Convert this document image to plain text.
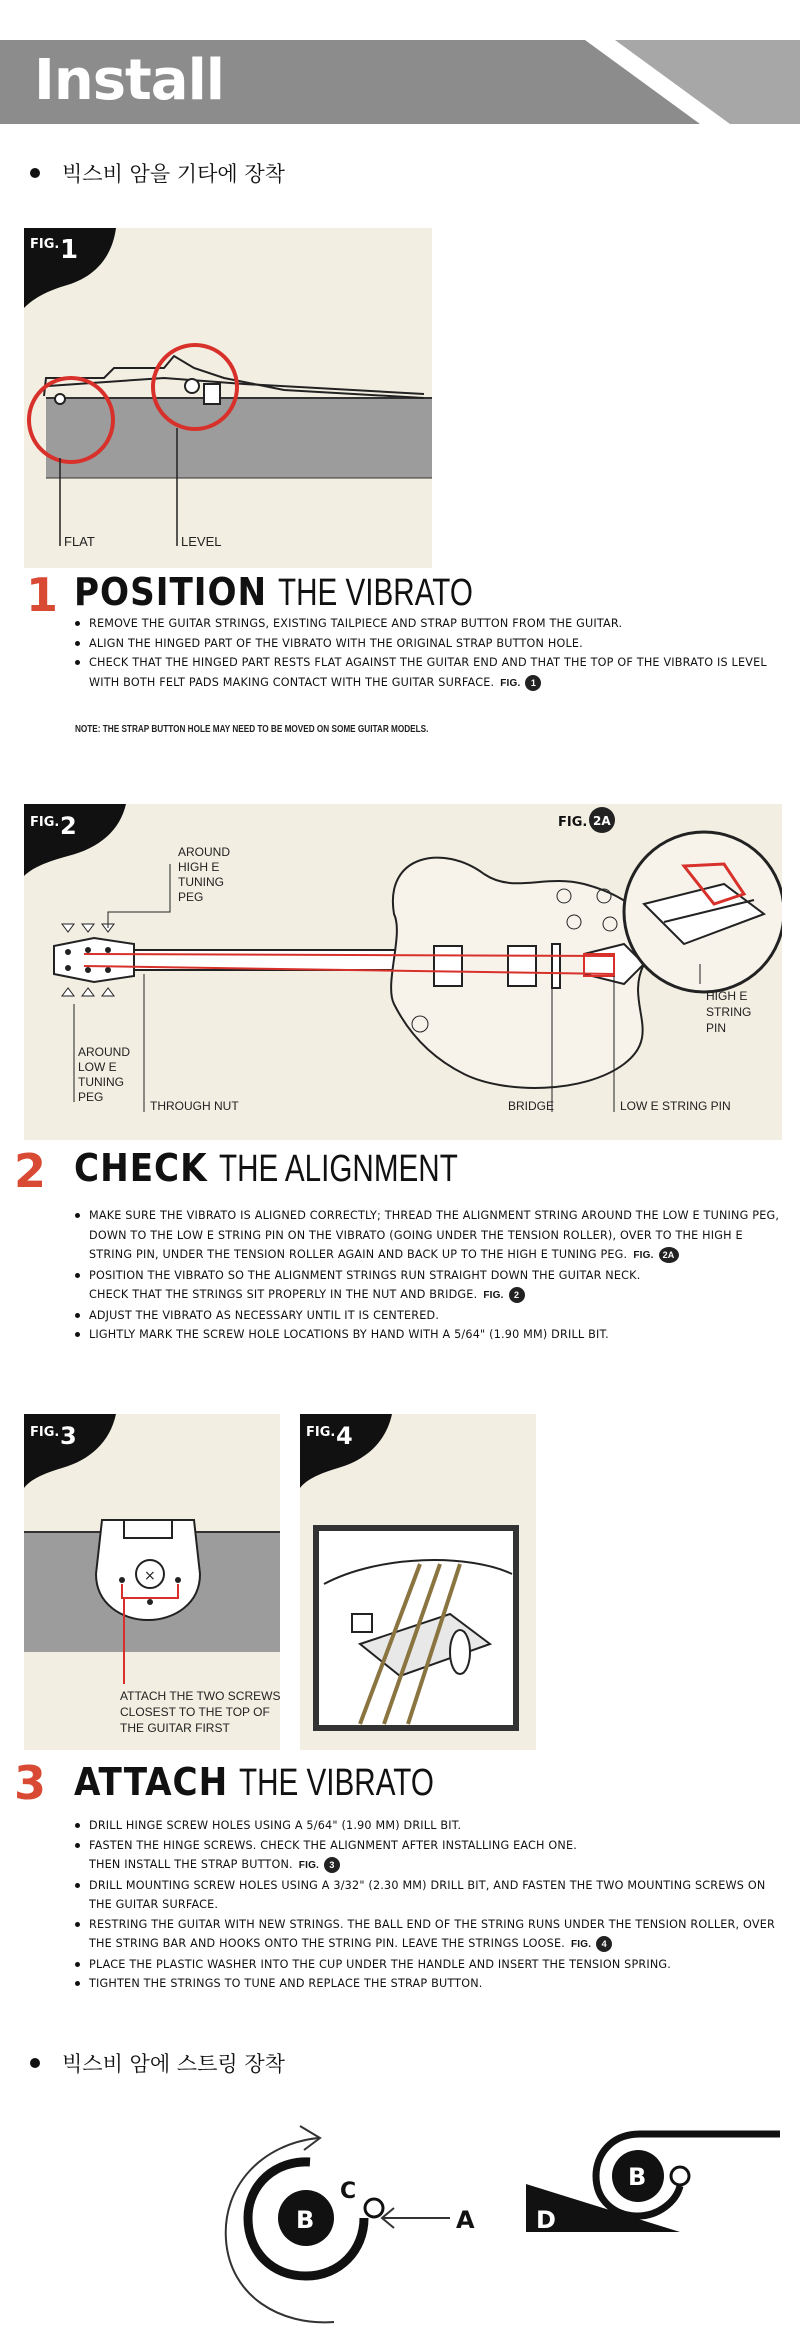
Install
빅스비 암을 기타에 장착
FIG. 1
FLAT	LEVEL
1 POSITION THE VIBRATO
REMOVE THE GUITAR STRINGS, EXISTING TAILPIECE AND STRAP BUTTON FROM THE GUITAR.
ALIGN THE HINGED PART OF THE VIBRATO WITH THE ORIGINAL STRAP BUTTON HOLE.
CHECK THAT THE HINGED PART RESTS FLAT AGAINST THE GUITAR END AND THAT THE TOP OF THE VIBRATO IS LEVEL WITH BOTH FELT PADS MAKING CONTACT WITH THE GUITAR SURFACE. FIG. 1
NOTE: THE STRAP BUTTON HOLE MAY NEED TO BE MOVED ON SOME GUITAR MODELS.
FIG. 2	FIG. 2A
AROUND
HIGH E
TUNING
PEG
AROUND
LOW E
TUNING
PEG
THROUGH NUT	BRIDGE	LOW E STRING PIN
HIGH E
STRING
PIN
2 CHECK THE ALIGNMENT
MAKE SURE THE VIBRATO IS ALIGNED CORRECTLY; THREAD THE ALIGNMENT STRING AROUND THE LOW E TUNING PEG, DOWN TO THE LOW E STRING PIN ON THE VIBRATO (GOING UNDER THE TENSION ROLLER), OVER TO THE HIGH E STRING PIN, UNDER THE TENSION ROLLER AGAIN AND BACK UP TO THE HIGH E TUNING PEG. FIG. 2A
POSITION THE VIBRATO SO THE ALIGNMENT STRINGS RUN STRAIGHT DOWN THE GUITAR NECK.
CHECK THAT THE STRINGS SIT PROPERLY IN THE NUT AND BRIDGE. FIG. 2
ADJUST THE VIBRATO AS NECESSARY UNTIL IT IS CENTERED.
LIGHTLY MARK THE SCREW HOLE LOCATIONS BY HAND WITH A 5/64" (1.90 MM) DRILL BIT.
FIG. 3
×
ATTACH THE TWO SCREWS
CLOSEST TO THE TOP OF
THE GUITAR FIRST
FIG. 4
3 ATTACH THE VIBRATO
DRILL HINGE SCREW HOLES USING A 5/64" (1.90 MM) DRILL BIT.
FASTEN THE HINGE SCREWS. CHECK THE ALIGNMENT AFTER INSTALLING EACH ONE.
THEN INSTALL THE STRAP BUTTON. FIG. 3
DRILL MOUNTING SCREW HOLES USING A 3/32" (2.30 MM) DRILL BIT, AND FASTEN THE TWO MOUNTING SCREWS ON THE GUITAR SURFACE.
RESTRING THE GUITAR WITH NEW STRINGS. THE BALL END OF THE STRING RUNS UNDER THE TENSION ROLLER, OVER THE STRING BAR AND HOOKS ONTO THE STRING PIN. LEAVE THE STRINGS LOOSE. FIG. 4
PLACE THE PLASTIC WASHER INTO THE CUP UNDER THE HANDLE AND INSERT THE TENSION SPRING.
TIGHTEN THE STRINGS TO TUNE AND REPLACE THE STRAP BUTTON.
빅스비 암에 스트링 장착
B
C
A	D
B
